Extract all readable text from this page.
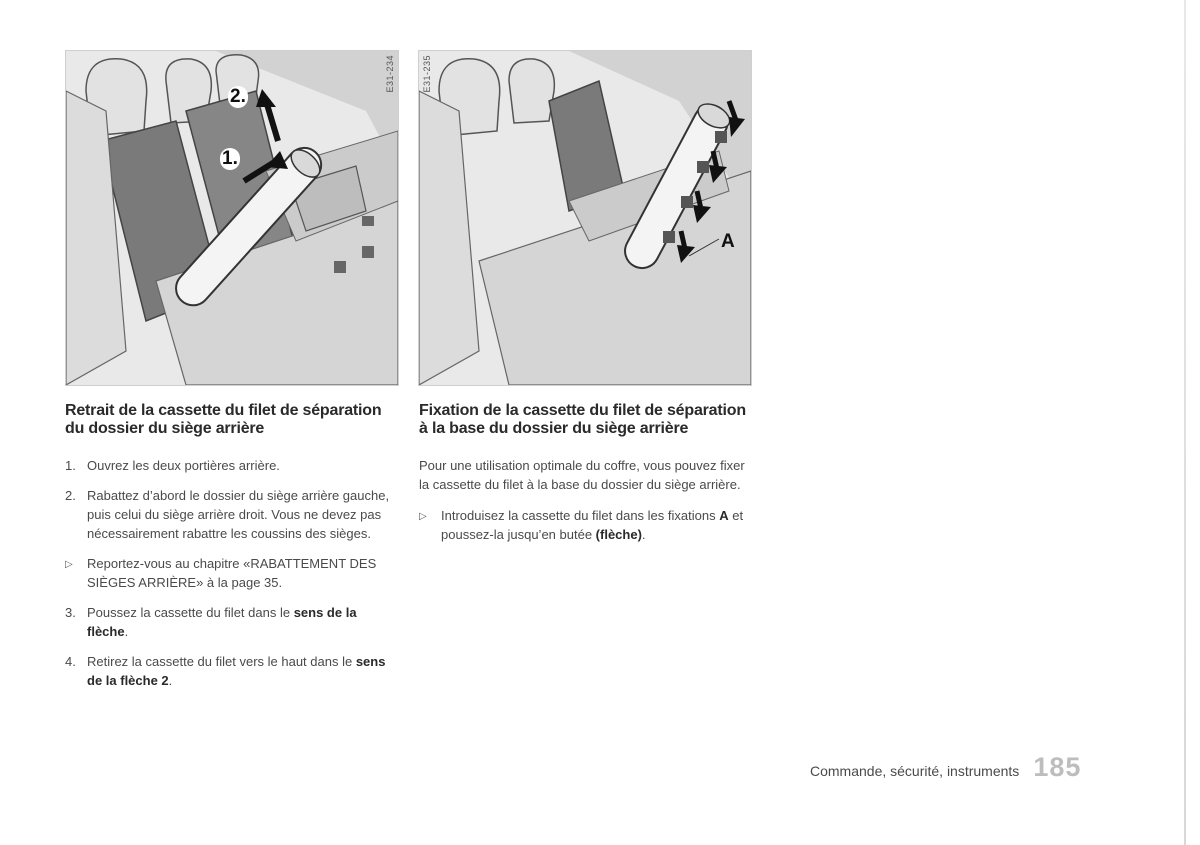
E31-234
2.
1.
E31-235
A
Retrait de la cassette du filet de séparation du dossier du siège arrière
1. Ouvrez les deux portières arrière.
2. Rabattez d’abord le dossier du siège arrière gauche, puis celui du siège arrière droit. Vous ne devez pas nécessairement rabattre les coussins des sièges.
▷	Reportez-vous au chapitre «RABATTEMENT DES SIÈGES ARRIÈRE» à la page 35.
3. Poussez la cassette du filet dans le sens de la flèche.
4. Retirez la cassette du filet vers le haut dans le sens de la flèche 2.
Fixation de la cassette du filet de séparation à la base du dossier du siège arrière

Pour une utilisation optimale du coffre, vous pouvez fixer la cassette du filet à la base du dossier du siège arrière.

▷	Introduisez la cassette du filet dans les fixations A et poussez-la jusqu’en butée (flèche).
Commande, sécurité, instruments 185
